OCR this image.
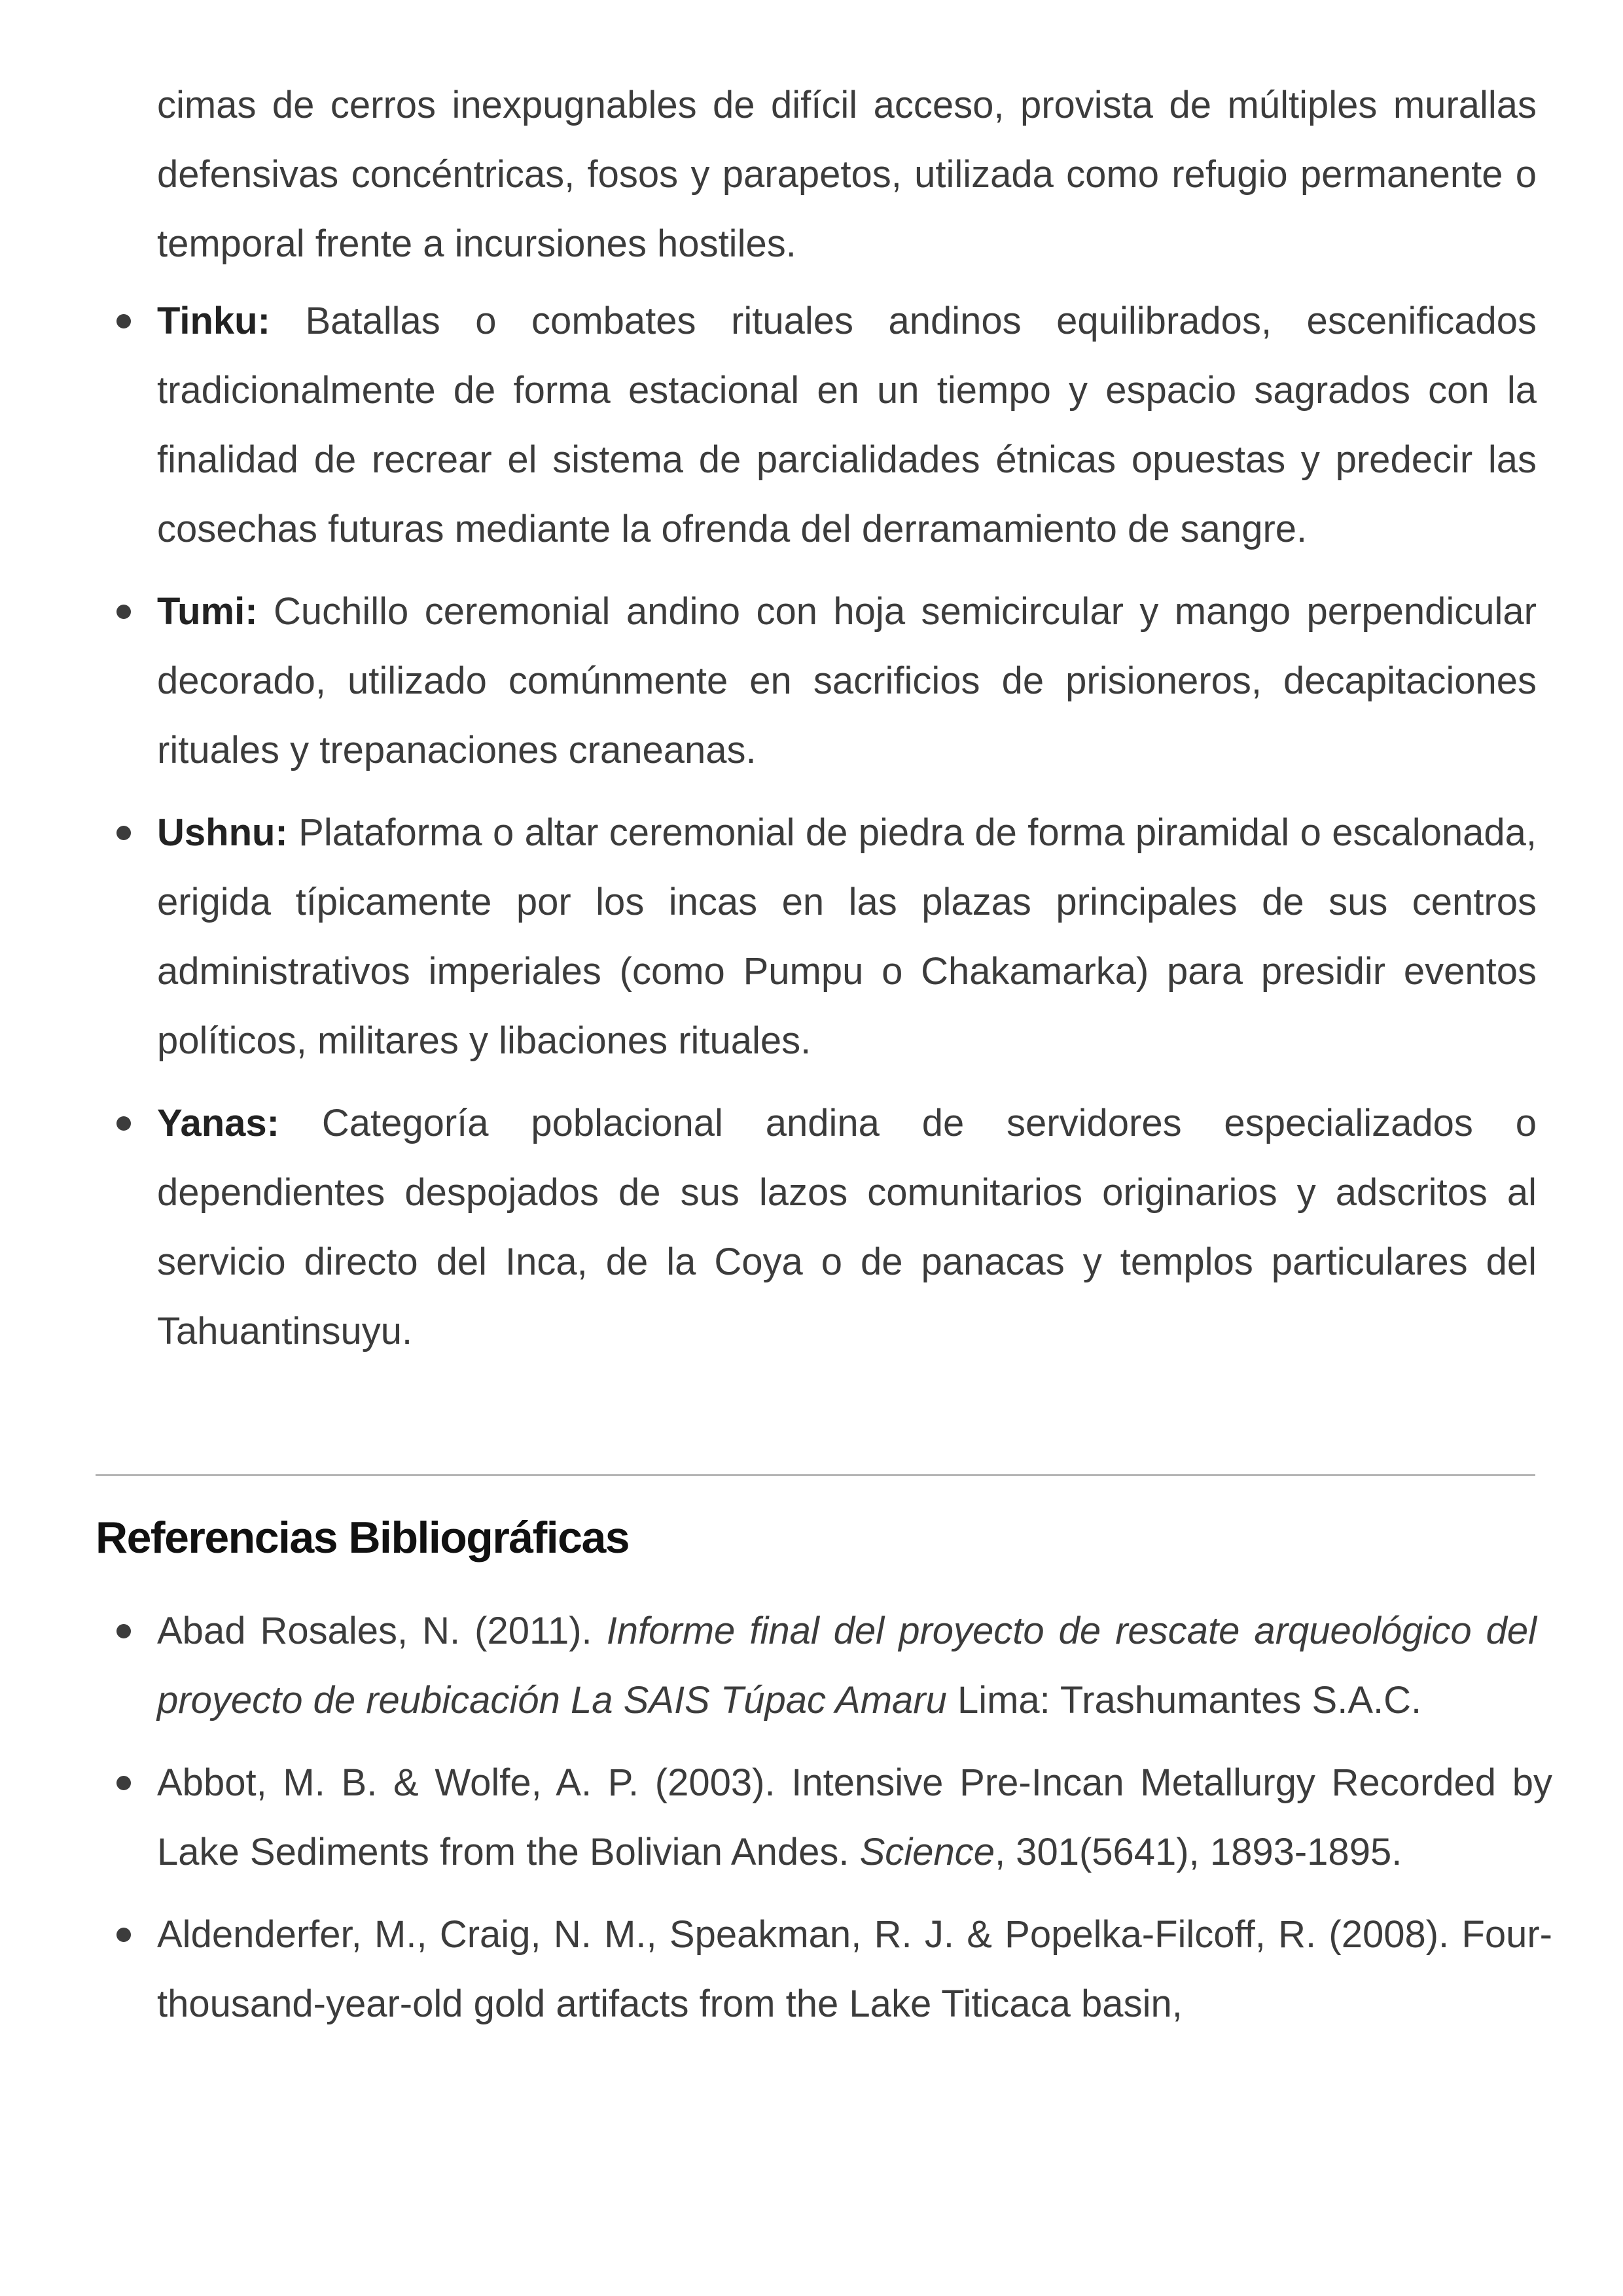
cimas de cerros inexpugnables de difícil acceso, provista de múltiples murallas defensivas concéntricas, fosos y parapetos, utilizada como refugio permanente o temporal frente a incursiones hostiles.

Tinku: Batallas o combates rituales andinos equilibrados, escenificados tradicionalmente de forma estacional en un tiempo y espacio sagrados con la finalidad de recrear el sistema de parcialidades étnicas opuestas y predecir las cosechas futuras mediante la ofrenda del derramamiento de sangre.
Tumi: Cuchillo ceremonial andino con hoja semicircular y mango perpendicular decorado, utilizado comúnmente en sacrificios de prisioneros, decapitaciones rituales y trepanaciones craneanas.
Ushnu: Plataforma o altar ceremonial de piedra de forma piramidal o escalonada, erigida típicamente por los incas en las plazas principales de sus centros administrativos imperiales (como Pumpu o Chakamarka) para presidir eventos políticos, militares y libaciones rituales.
Yanas: Categoría poblacional andina de servidores especializados o dependientes despojados de sus lazos comunitarios originarios y adscritos al servicio directo del Inca, de la Coya o de panacas y templos particulares del Tahuantinsuyu.
Referencias Bibliográficas
Abad Rosales, N. (2011). Informe final del proyecto de rescate arqueológico del proyecto de reubicación La SAIS Túpac Amaru Lima: Trashumantes S.A.C.
Abbot, M. B. & Wolfe, A. P. (2003). Intensive Pre-Incan Metallurgy Recorded by Lake Sediments from the Bolivian Andes. Science, 301(5641), 1893-1895.
Aldenderfer, M., Craig, N. M., Speakman, R. J. & Popelka-Filcoff, R. (2008). Four-thousand-year-old gold artifacts from the Lake Titicaca basin,
